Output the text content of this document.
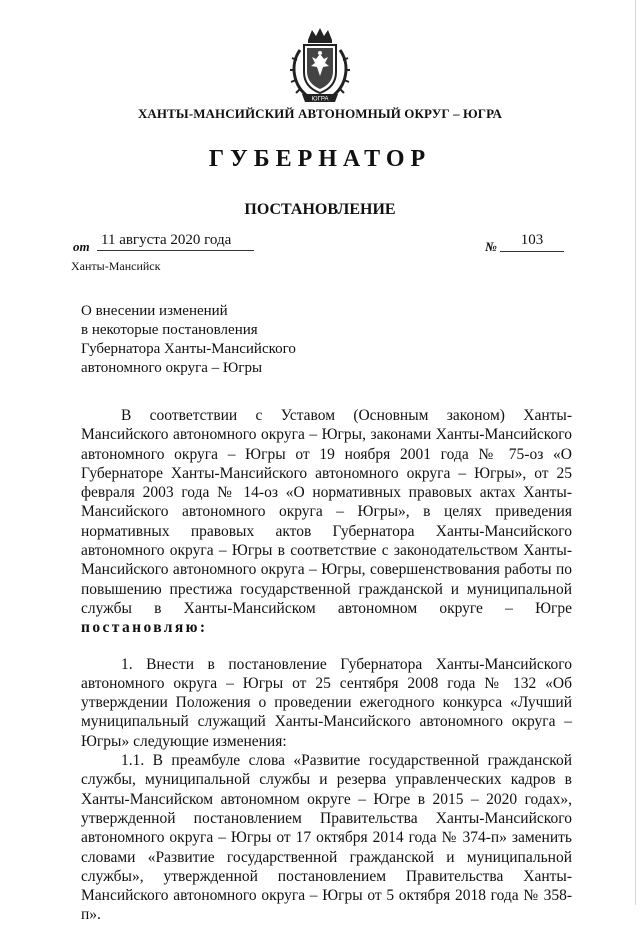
ЮГРА
ХАНТЫ-МАНСИЙСКИЙ АВТОНОМНЫЙ ОКРУГ – ЮГРА
ГУБЕРНАТОР
ПОСТАНОВЛЕНИЕ
от 11 августа 2020 года	№	103
Ханты-Мансийск
О внесении изменений
в некоторые постановления
Губернатора Ханты-Мансийского
автономного округа – Югры

В соответствии с Уставом (Основным законом) Ханты-Мансийского автономного округа – Югры, законами Ханты-Мансийского автономного округа – Югры от 19 ноября 2001 года № 75-оз «О Губернаторе Ханты-Мансийского автономного округа – Югры», от 25 февраля 2003 года № 14-оз «О нормативных правовых актах Ханты-Мансийского автономного округа – Югры», в целях приведения нормативных правовых актов Губернатора Ханты-Мансийского автономного округа – Югры в соответствие с законодательством Ханты-Мансийского автономного округа – Югры, совершенствования работы по повышению престижа государственной гражданской и муниципальной службы в Ханты-Мансийском автономном округе – Югре постановляю:

1. Внести в постановление Губернатора Ханты-Мансийского автономного округа – Югры от 25 сентября 2008 года № 132 «Об утверждении Положения о проведении ежегодного конкурса «Лучший муниципальный служащий Ханты-Мансийского автономного округа – Югры» следующие изменения:

1.1. В преамбуле слова «Развитие государственной гражданской службы, муниципальной службы и резерва управленческих кадров в Ханты-Мансийском автономном округе – Югре в 2015 – 2020 годах», утвержденной постановлением Правительства Ханты-Мансийского автономного округа – Югры от 17 октября 2014 года № 374-п» заменить словами «Развитие государственной гражданской и муниципальной службы», утвержденной постановлением Правительства Ханты-Мансийского автономного округа – Югры от 5 октября 2018 года № 358-п».
